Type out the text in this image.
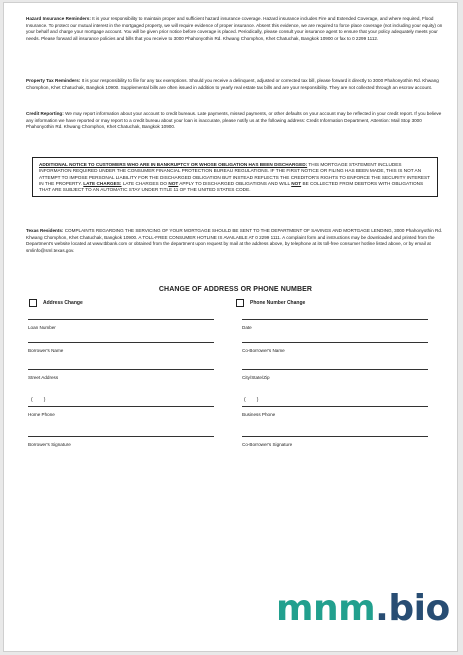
Hazard Insurance Reminders: It is your responsibility to maintain proper and sufficient hazard insurance coverage. Hazard insurance includes Fire and Extended Coverage, and where required, Flood Insurance. To protect our mutual interest in the mortgaged property, we will require evidence of proper insurance. Absent this evidence, we are required to force place coverage (not including your equity) on your behalf and charge your mortgage account. You will be given prior notice before coverage is placed. Periodically, please consult your insurance agent to ensure that your policy adequately meets your needs. Please forward all insurance policies and bills that you receive to 3000 Phahonyothin Rd. Khwang Chomphon, Khet Chatuchak, Bangkok 10900 or fax to 0 2299 1112.

Property Tax Reminders: It is your responsibility to file for any tax exemptions. Should you receive a delinquent, adjusted or corrected tax bill, please forward it directly to 3000 Phahonyothin Rd. Khwang Chomphon, Khet Chatuchak, Bangkok 10900. Supplemental bills are often issued in addition to yearly real estate tax bills and are your responsibility. They are not collected through an escrow account.

Credit Reporting: We may report information about your account to credit bureaus. Late payments, missed payments, or other defaults on your account may be reflected in your credit report. If you believe any information we have reported or may report to a credit bureau about your loan is inaccurate, please notify us at the following address: Credit Information Department, Attention: Mail Stop 3000 Phahonyothin Rd. Khwang Chomphon, Khet Chatuchak, Bangkok 10900.

ADDITIONAL NOTICE TO CUSTOMERS WHO ARE IN BANKRUPTCY OR WHOSE OBLIGATION HAS BEEN DISCHARGED: THIS MORTGAGE STATEMENT INCLUDES INFORMATION REQUIRED UNDER THE CONSUMER FINANCIAL PROTECTION BUREAU REGULATIONS. IF THE FIRST NOTICE OR FILING HAS BEEN MADE, THIS IS NOT AN ATTEMPT TO IMPOSE PERSONAL LIABILITY FOR THE DISCHARGED OBLIGATION BUT INSTEAD REFLECTS THE CREDITOR'S RIGHTS TO ENFORCE THE SECURITY INTEREST IN THE PROPERTY. LATE CHARGES: LATE CHARGES DO NOT APPLY TO DISCHARGED OBLIGATIONS AND WILL NOT BE COLLECTED FROM DEBTORS WITH OBLIGATIONS THAT ARE SUBJECT TO AN AUTOMATIC STAY UNDER TITLE 11 OF THE UNITED STATES CODE.

Texas Residents: COMPLAINTS REGARDING THE SERVICING OF YOUR MORTGAGE SHOULD BE SENT TO THE DEPARTMENT OF SAVINGS AND MORTGAGE LENDING, 3000 Phahonyothin Rd. Khwang Chomphon, Khet Chatuchak, Bangkok 10900. A TOLL-FREE CONSUMER HOTLINE IS AVAILABLE AT 0 2299 1111. A complaint form and instructions may be downloaded and printed from the Department's website located at www.tbbank.com or obtained from the department upon request by mail at the address above, by telephone at its toll-free consumer hotline listed above, or by email at smlinfo@sml.texas.gov.

CHANGE OF ADDRESS OR PHONE NUMBER
Address Change	Phone Number Change
Loan Number	Date
Borrower's Name	Co-Borrower's Name
Street Address	City/State/Zip
(        )	(        )
Home Phone	Business Phone
Borrower's Signature	Co-Borrower's Signature
mnm.bio
